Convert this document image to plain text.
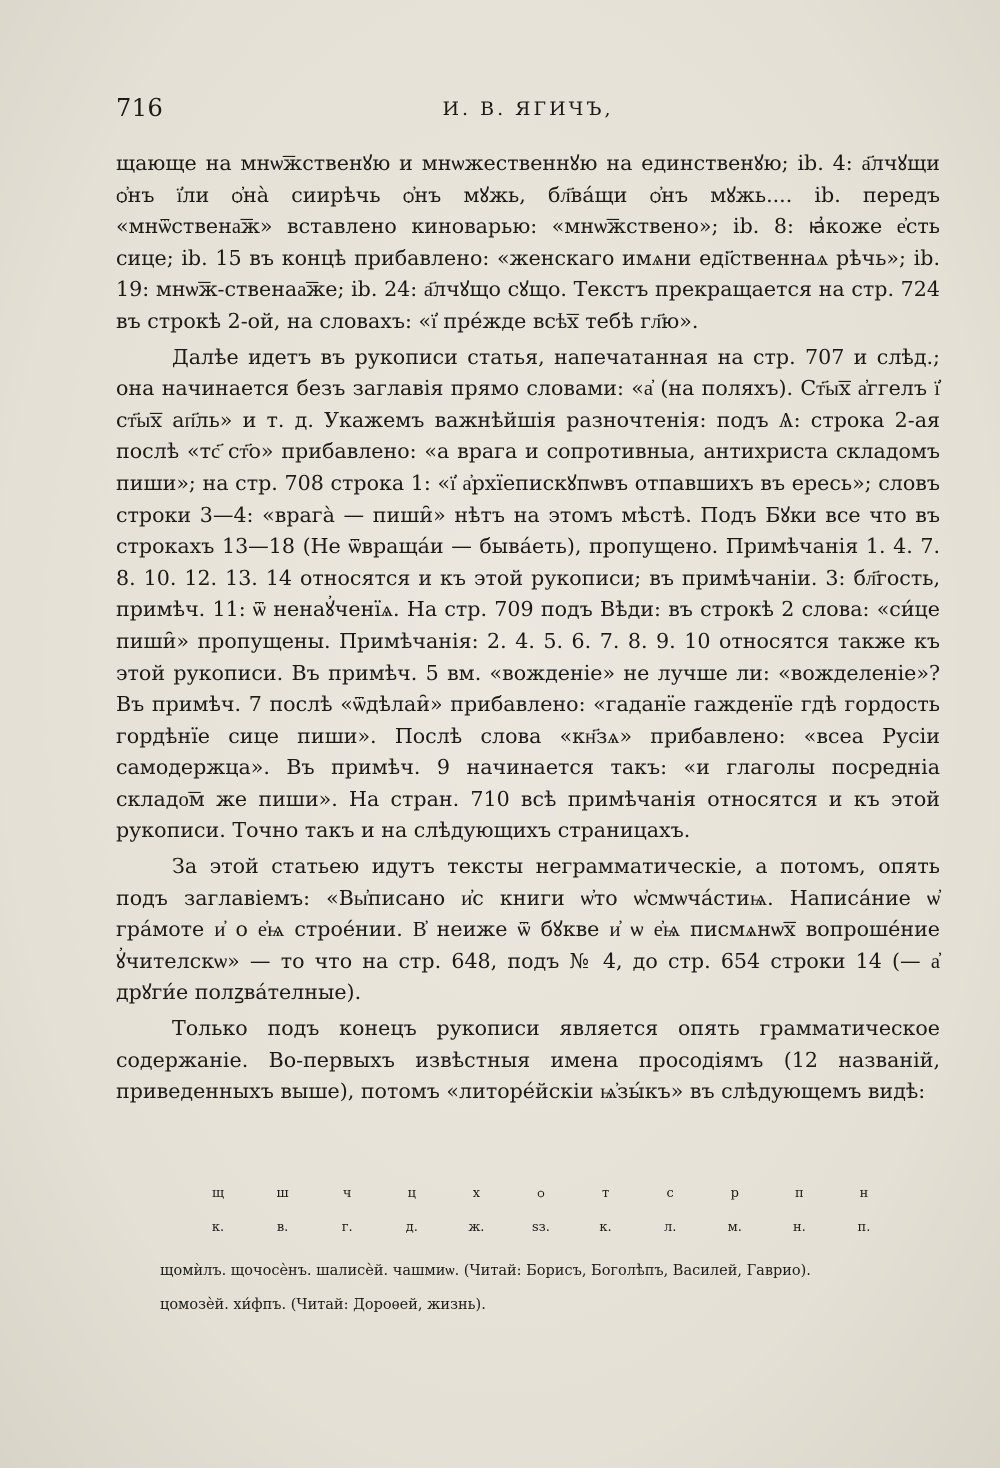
716	И. В. ЯГИЧЪ,

щающе на мнѡ͞жственꙋю и мнѡжественнꙋю на единственꙋю; ib. 4: а҃лчꙋщи ѻ҆нъ ї҆ли ѻ҆на̀ сиирѣчь ѻ҆нъ мꙋжь, бл҃ва́щи ѻ҆нъ мꙋжь.... ib. передъ «мнѿствена͞ж» вставлено киноварью: «мнѡ͞жствено»; ib. 8: ꙗ҆коже е҆сть сице; ib. 15 въ концѣ прибавлено: «женскаго имѧни еді҃ственнаѧ рѣчь»; ib. 19: мнѡ͞ж-ственаа͞же; ib. 24: а҃лчꙋщо сꙋщо. Текстъ прекращается на стр. 724 въ строкѣ 2-ой, на словахъ: «ї҆ пре́жде всѣ͞х тебѣ гл҃ю».

Далѣе идетъ въ рукописи статья, напечатанная на стр. 707 и слѣд.; она начинается безъ заглавія прямо словами: «а҆ (на поляхъ). Ст҃ы͞х а҆ггелъ ї҆ ст҃ы͞х ап҃ль» и т. д. Укажемъ важнѣйшія разночтенія: подъ Ѧ: строка 2-ая послѣ «тс҃ ст҃о» прибавлено: «а врага и сопротивныа, антихриста складомъ пиши»; на стр. 708 строка 1: «ї҆ а҆рхїепискꙋпѡвъ отпавшихъ въ ересь»; словъ строки 3—4: «врага̀ — пиши̑» нѣтъ на этомъ мѣстѣ. Подъ Бꙋки все что въ строкахъ 13—18 (Не ѿвраща́и — быва́еть), пропущено. Примѣчанія 1. 4. 7. 8. 10. 12. 13. 14 относятся и къ этой рукописи; въ примѣчаніи. 3: бл҃гость, примѣч. 11: ѿ ненаꙋ҆ченїѧ. На стр. 709 подъ Вѣди: въ строкѣ 2 слова: «си́це пиши̑» пропущены. Примѣчанія: 2. 4. 5. 6. 7. 8. 9. 10 относятся также къ этой рукописи. Въ примѣч. 5 вм. «вожденіе» не лучше ли: «вожделеніе»? Въ примѣч. 7 послѣ «ѿдѣлаи̑» прибавлено: «гаданїе гажденїе гдѣ гордость гордѣнїе сице пиши». Послѣ слова «кн҃зѧ» прибавлено: «всеа Русіи самодержца». Въ примѣч. 9 начинается такъ: «и глаголы посредніа складо͞м же пиши». На стран. 710 всѣ примѣчанія относятся и къ этой рукописи. Точно такъ и на слѣдующихъ страницахъ.

За этой статьею идутъ тексты неграмматическіе, а потомъ, опять подъ заглавіемъ: «Вы҆писано и҆с книги ѡ҆то ѡ҆смѡча́стиѩ. Написа́ние ѡ҆ гра́моте и҆ о е҆ѩ строе́нии. В҆ неиже ѿ бꙋкве и҆ ѡ е҆ѩ писмѧнѡ͞х вопроше́ние ꙋ҆чителскѡ» — то что на стр. 648, подъ № 4, до стр. 654 строки 14 (— а҆ дрꙋги́е полꙁва́телные).

Только подъ конецъ рукописи является опять грамматическое содержаніе. Во-первыхъ извѣстныя имена просодіямъ (12 названій, приведенныхъ выше), потомъ «литоре́йскіи ѩ҆зы́къ» въ слѣдующемъ видѣ:

щ	ш	ч	ц	х	ѻ	т	с	р	п	н
к.	в.	г.	д.	ж.	ѕз.	к.	л.	м.	н.	п.

щомѝлъ. щочосѐнъ. шалисѐй. чашмиѡ. (Читай: Борисъ, Боголѣпъ, Василей, Гаврио).

цомозѐй. хи́фпъ. (Читай: Дороѳей, жизнь).
